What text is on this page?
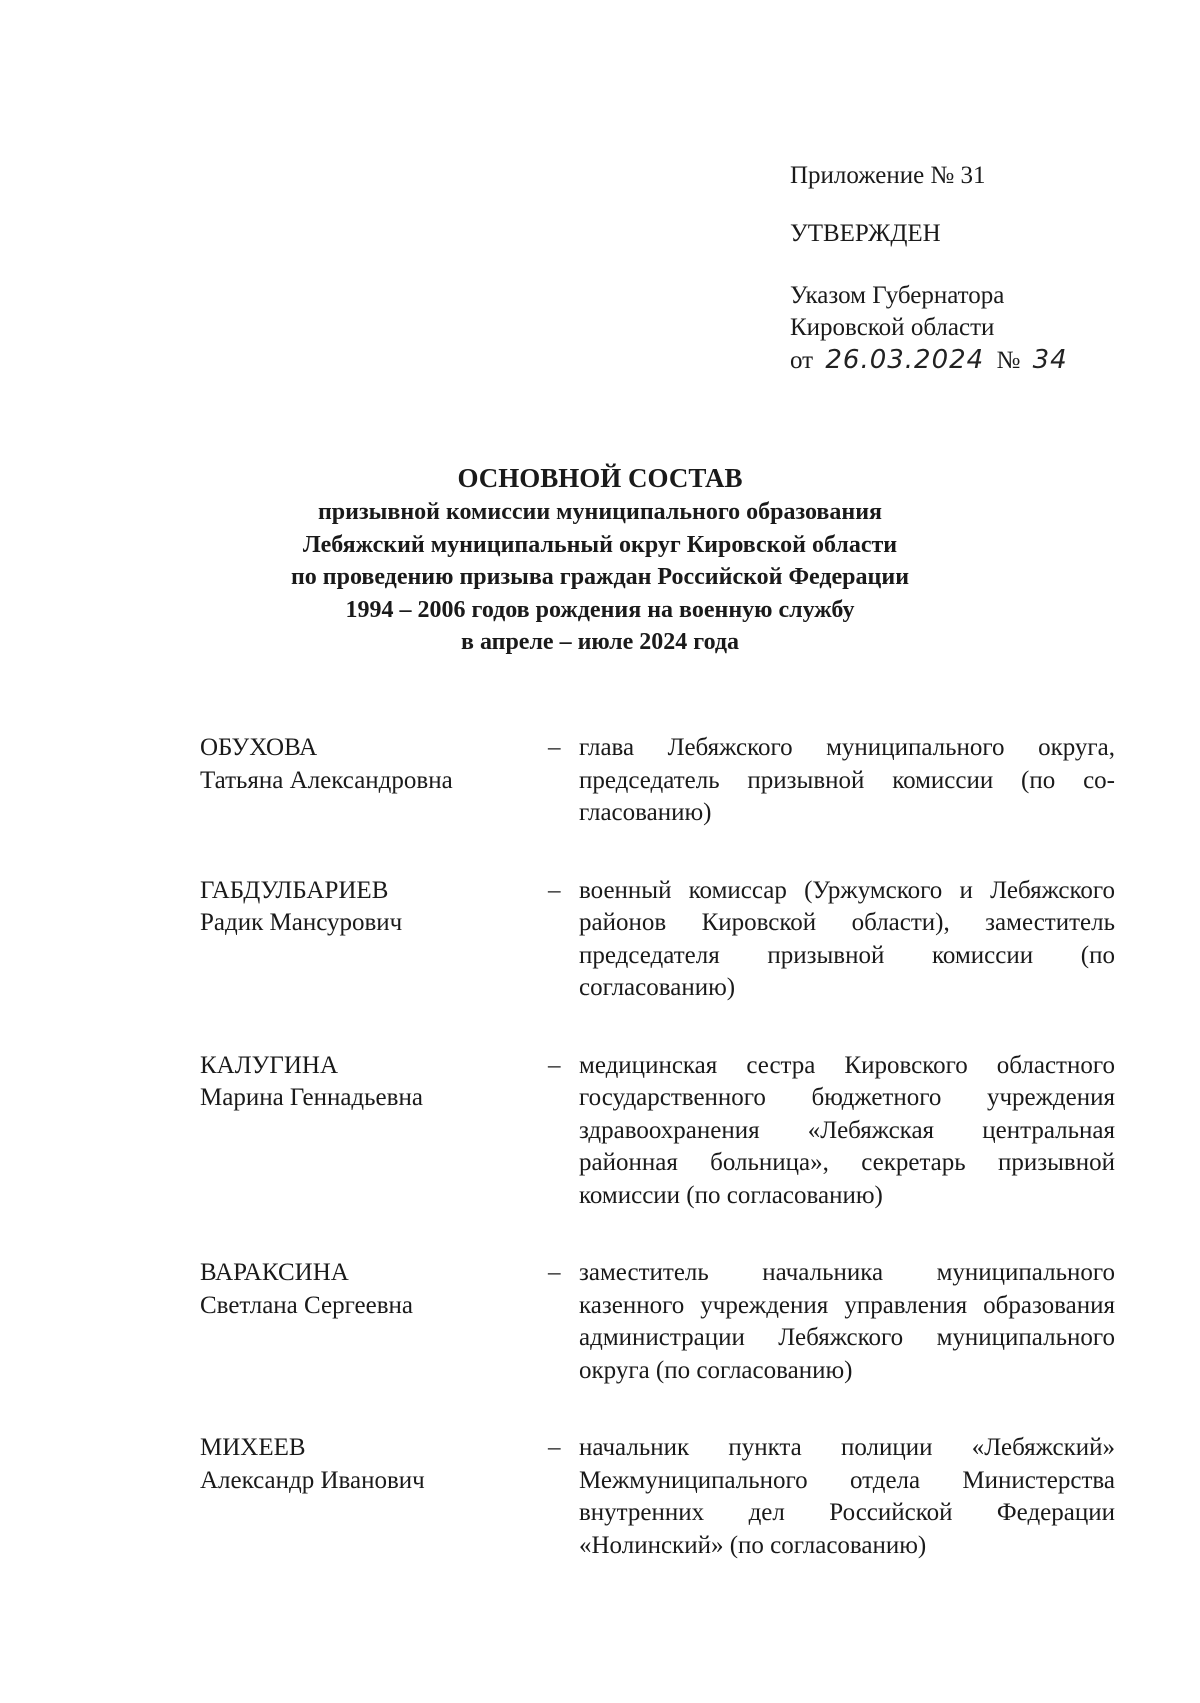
Приложение № 31
УТВЕРЖДЕН
Указом Губернатора
Кировской области
от 26.03.2024 № 34
ОСНОВНОЙ СОСТАВ
призывной комиссии муниципального образования
Лебяжский муниципальный округ Кировской области
по проведению призыва граждан Российской Федерации
1994 – 2006 годов рождения на военную службу
в апреле – июле 2024 года
ОБУХОВА
Татьяна Александровна
– глава Лебяжского муниципального округа, председатель призывной комиссии (по согласованию)
ГАБДУЛБАРИЕВ
Радик Мансурович
– военный комиссар (Уржумского и Лебяжского районов Кировской области), заместитель председателя призывной комиссии (по согласованию)
КАЛУГИНА
Марина Геннадьевна
– медицинская сестра Кировского областного государственного бюджетного учреждения здравоохранения «Лебяжская центральная районная больница», секретарь призывной комиссии (по согласованию)
ВАРАКСИНА
Светлана Сергеевна
– заместитель начальника муниципального казенного учреждения управления образования администрации Лебяжского муниципального округа (по согласованию)
МИХЕЕВ
Александр Иванович
– начальник пункта полиции «Лебяжский» Межмуниципального отдела Министерства внутренних дел Российской Федерации «Нолинский» (по согласованию)
